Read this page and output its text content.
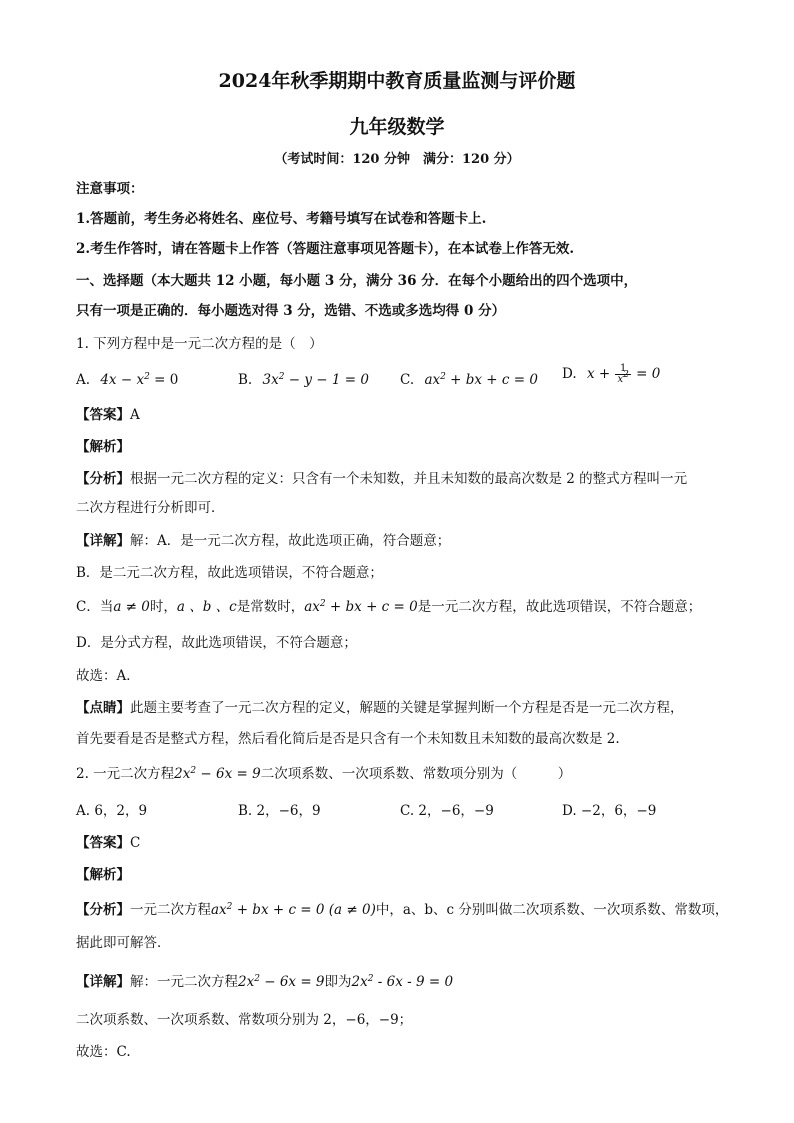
2024年秋季期期中教育质量监测与评价题
九年级数学
（考试时间：120 分钟　满分：120 分）
注意事项：
1.答题前，考生务必将姓名、座位号、考籍号填写在试卷和答题卡上.
2.考生作答时，请在答题卡上作答（答题注意事项见答题卡），在本试卷上作答无效.
一、选择题（本大题共 12 小题，每小题 3 分，满分 36 分．在每个小题给出的四个选项中，
只有一项是正确的．每小题选对得 3 分，选错、不选或多选均得 0 分）
1. 下列方程中是一元二次方程的是（　）
A. $4x - x^2 = 0$	B. $3x^2 - y - 1 = 0$ C. $ax^2$ + bx + c = 0 D. $x + \frac{1}{x^2} = 0$
【答案】A
【解析】
【分析】根据一元二次方程的定义：只含有一个未知数，并且未知数的最高次数是 2 的整式方程叫一元
二次方程进行分析即可．
【详解】解：A．是一元二次方程，故此选项正确，符合题意；
B．是二元二次方程，故此选项错误，不符合题意；
C．当a ≠ 0时，a 、b 、c是常数时，$ax^2$ + bx + c = 0是一元二次方程，故此选项错误，不符合题意；
D．是分式方程，故此选项错误，不符合题意；
故选：A．
【点睛】此题主要考查了一元二次方程的定义，解题的关键是掌握判断一个方程是否是一元二次方程，
首先要看是否是整式方程，然后看化简后是否是只含有一个未知数且未知数的最高次数是 2.
2. 一元二次方程$2x^2 - 6x = 9$二次项系数、一次项系数、常数项分别为（　　　）
A. 6，2，9	B. 2，−6，9	C. 2，−6，−9	D. −2，6，−9
【答案】C
【解析】
【分析】一元二次方程$ax^2$ + bx + c = 0 (a ≠ 0)中，a、b、c 分别叫做二次项系数、一次项系数、常数项，
据此即可解答．
【详解】解：一元二次方程$2x^2 - 6x = 9$即为$2x^2 - 6x - 9 = 0$
二次项系数、一次项系数、常数项分别为 2，−6，−9；
故选：C.
